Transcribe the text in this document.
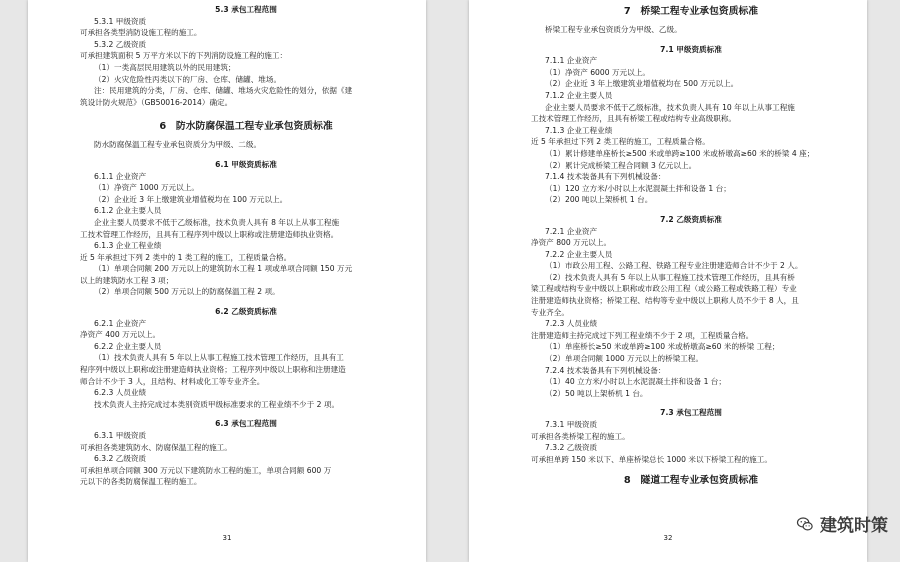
5.3 承包工程范围
5.3.1 甲级资质
可承担各类型消防设施工程的施工。
5.3.2 乙级资质
可承担建筑面积 5 万平方米以下的下列消防设施工程的施工：
（1）一类高层民用建筑以外的民用建筑；
（2）火灾危险性丙类以下的厂房、仓库、储罐、堆场。
注：民用建筑的分类，厂房、仓库、储罐、堆场火灾危险性的划分，依据《建
筑设计防火规范》（GB50016-2014）确定。
6　防水防腐保温工程专业承包资质标准
防水防腐保温工程专业承包资质分为甲级、二级。
6.1 甲级资质标准
6.1.1 企业资产
（1）净资产 1000 万元以上。
（2）企业近 3 年上缴建筑业增值税均在 100 万元以上。
6.1.2 企业主要人员
企业主要人员要求不低于乙级标准，技术负责人具有 8 年以上从事工程施
工技术管理工作经历，且具有工程序列中级以上职称或注册建造师执业资格。
6.1.3 企业工程业绩
近 5 年承担过下列 2 类中的 1 类工程的施工，工程质量合格。
（1）单项合同额 200 万元以上的建筑防水工程 1 项或单项合同额 150 万元
以上的建筑防水工程 3 项；
（2）单项合同额 500 万元以上的防腐保温工程 2 项。
6.2 乙级资质标准
6.2.1 企业资产
净资产 400 万元以上。
6.2.2 企业主要人员
（1）技术负责人具有 5 年以上从事工程施工技术管理工作经历，且具有工
程序列中级以上职称或注册建造师执业资格；工程序列中级以上职称和注册建造
师合计不少于 3 人，且结构、材料或化工等专业齐全。
6.2.3 人员业绩
技术负责人主持完成过本类别资质甲级标准要求的工程业绩不少于 2 项。
6.3 承包工程范围
6.3.1 甲级资质
可承担各类建筑防水、防腐保温工程的施工。
6.3.2 乙级资质
可承担单项合同额 300 万元以下建筑防水工程的施工，单项合同额 600 万
元以下的各类防腐保温工程的施工。
31
7　桥梁工程专业承包资质标准
桥梁工程专业承包资质分为甲级、乙级。
7.1 甲级资质标准
7.1.1 企业资产
（1）净资产 6000 万元以上。
（2）企业近 3 年上缴建筑业增值税均在 500 万元以上。
7.1.2 企业主要人员
企业主要人员要求不低于乙级标准，技术负责人具有 10 年以上从事工程施
工技术管理工作经历，且具有桥梁工程或结构专业高级职称。
7.1.3 企业工程业绩
近 5 年承担过下列 2 类工程的施工，工程质量合格。
（1）累计修建单座桥长≥500 米或单跨≥100 米或桥墩高≥60 米的桥梁 4 座；
（2）累计完成桥梁工程合同额 3 亿元以上。
7.1.4 技术装备具有下列机械设备：
（1）120 立方米/小时以上水泥混凝土拌和设备 1 台；
（2）200 吨以上架桥机 1 台。
7.2 乙级资质标准
7.2.1 企业资产
净资产 800 万元以上。
7.2.2 企业主要人员
（1）市政公用工程、公路工程、铁路工程专业注册建造师合计不少于 2 人。
（2）技术负责人具有 5 年以上从事工程施工技术管理工作经历，且具有桥
梁工程或结构专业中级以上职称或市政公用工程（或公路工程或铁路工程）专业
注册建造师执业资格；桥梁工程、结构等专业中级以上职称人员不少于 8 人，且
专业齐全。
7.2.3 人员业绩
注册建造师主持完成过下列工程业绩不少于 2 项，工程质量合格。
（1）单座桥长≥50 米或单跨≥100 米或桥墩高≥60 米的桥梁 工程；
（2）单项合同额 1000 万元以上的桥梁工程。
7.2.4 技术装备具有下列机械设备：
（1）40 立方米/小时以上水泥混凝土拌和设备 1 台；
（2）50 吨以上架桥机 1 台。
7.3 承包工程范围
7.3.1 甲级资质
可承担各类桥梁工程的施工。
7.3.2 乙级资质
可承担单跨 150 米以下、单座桥梁总长 1000 米以下桥梁工程的施工。
8　隧道工程专业承包资质标准
32
建筑时策
